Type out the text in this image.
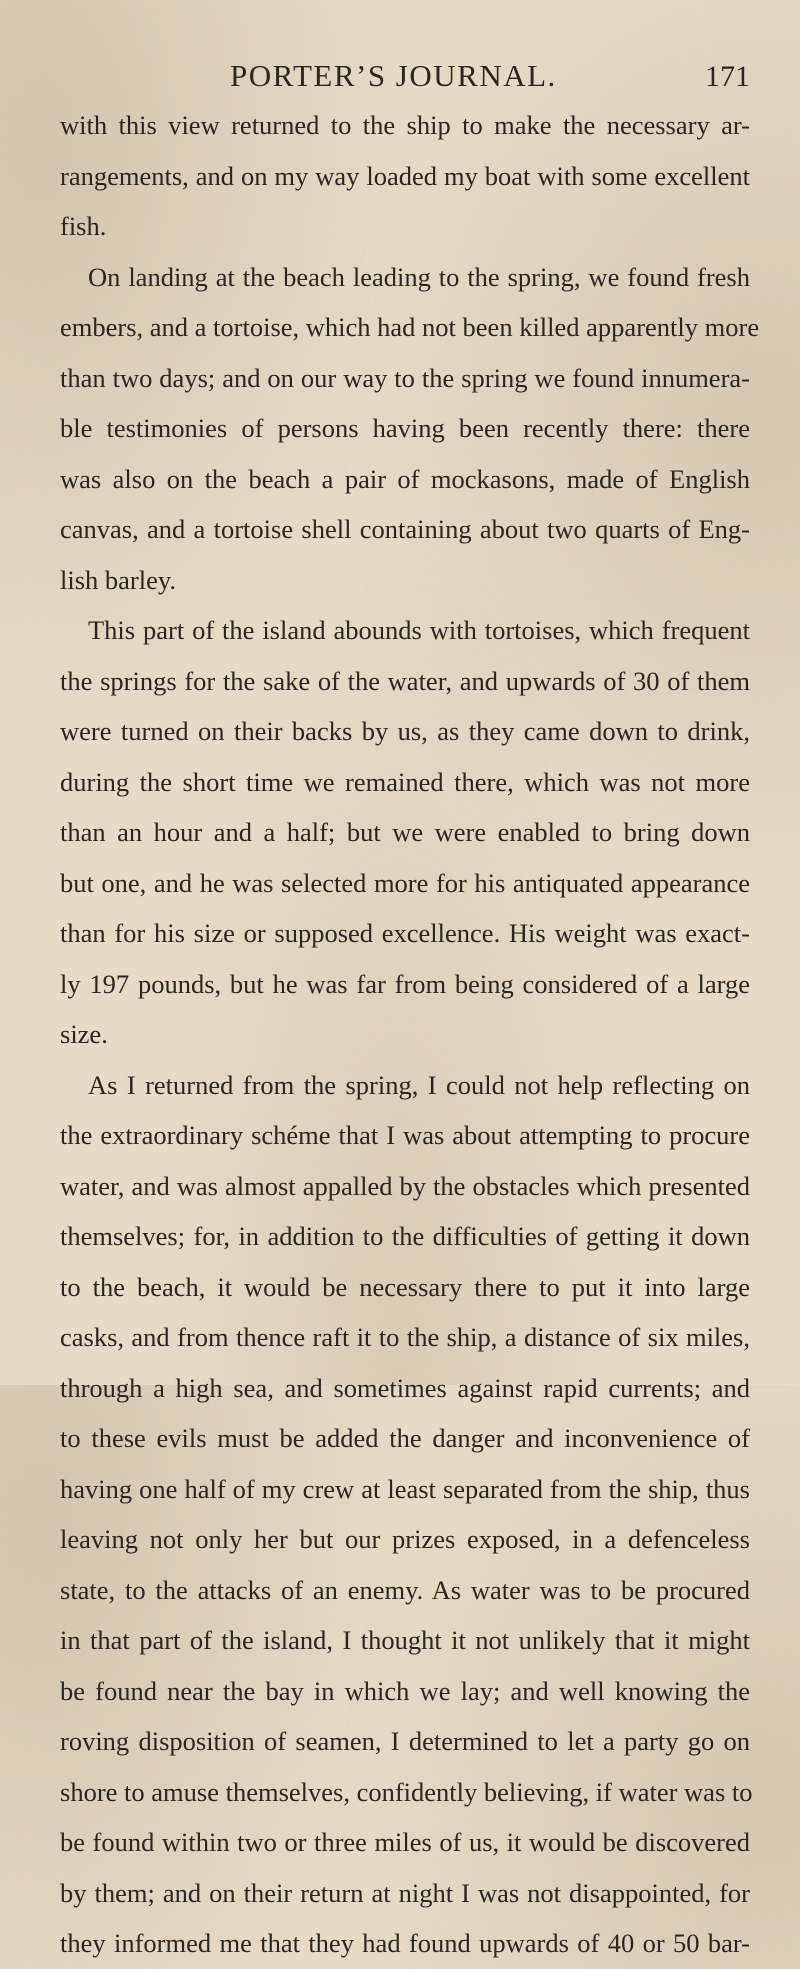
PORTER’S JOURNAL.	171
with this view returned to the ship to make the necessary ar-
rangements, and on my way loaded my boat with some excellent
fish.
On landing at the beach leading to the spring, we found fresh
embers, and a tortoise, which had not been killed apparently more
than two days; and on our way to the spring we found innumera-
ble testimonies of persons having been recently there: there
was also on the beach a pair of mockasons, made of English
canvas, and a tortoise shell containing about two quarts of Eng-
lish barley.
This part of the island abounds with tortoises, which frequent
the springs for the sake of the water, and upwards of 30 of them
were turned on their backs by us, as they came down to drink,
during the short time we remained there, which was not more
than an hour and a half; but we were enabled to bring down
but one, and he was selected more for his antiquated appearance
than for his size or supposed excellence. His weight was exact-
ly 197 pounds, but he was far from being considered of a large
size.
As I returned from the spring, I could not help reflecting on
the extraordinary schéme that I was about attempting to procure
water, and was almost appalled by the obstacles which presented
themselves; for, in addition to the difficulties of getting it down
to the beach, it would be necessary there to put it into large
casks, and from thence raft it to the ship, a distance of six miles,
through a high sea, and sometimes against rapid currents; and
to these evils must be added the danger and inconvenience of
having one half of my crew at least separated from the ship, thus
leaving not only her but our prizes exposed, in a defenceless
state, to the attacks of an enemy. As water was to be procured
in that part of the island, I thought it not unlikely that it might
be found near the bay in which we lay; and well knowing the
roving disposition of seamen, I determined to let a party go on
shore to amuse themselves, confidently believing, if water was to
be found within two or three miles of us, it would be discovered
by them; and on their return at night I was not disappointed, for
they informed me that they had found upwards of 40 or 50 bar-
